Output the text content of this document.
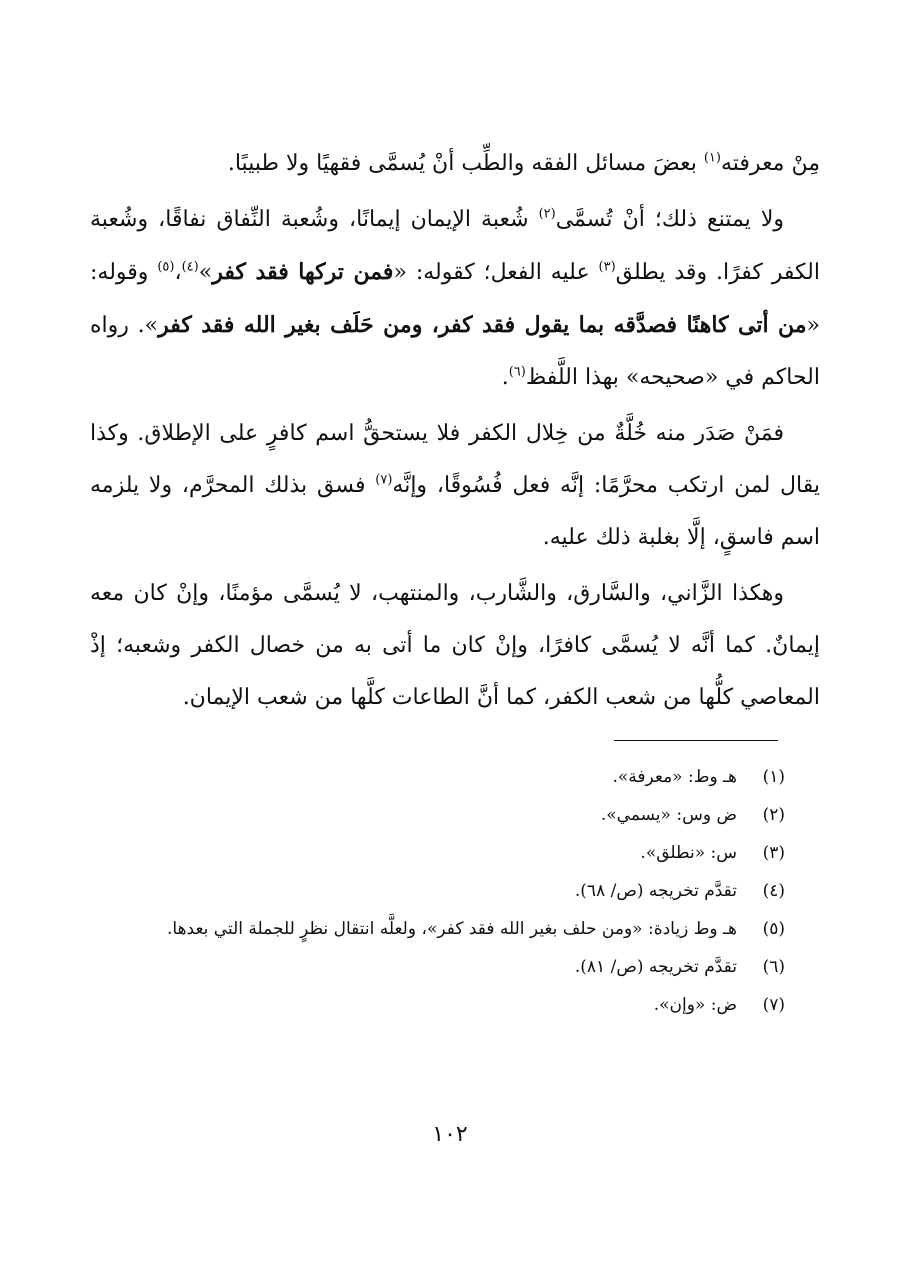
مِنْ معرفته$^{(١)}$ بعضَ مسائل الفقه والطِّب أنْ يُسمَّى فقهيًا ولا طبيبًا.

ولا يمتنع ذلك؛ أنْ تُسمَّى$^{(٢)}$ شُعبة الإيمان إيمانًا، وشُعبة النِّفاق نفاقًا، وشُعبة الكفر كفرًا. وقد يطلق$^{(٣)}$ عليه الفعل؛ كقوله: «فمن تركها فقد كفر»$^{(٤)}$،$^{(٥)}$ وقوله: «من أتى كاهنًا فصدَّقه بما يقول فقد كفر، ومن حَلَف بغير الله فقد كفر». رواه الحاكم في «صحيحه» بهذا اللَّفظ$^{(٦)}$.

فمَنْ صَدَر منه خُلَّةٌ من خِلال الكفر فلا يستحقُّ اسم كافرٍ على الإطلاق. وكذا يقال لمن ارتكب محرَّمًا: إنَّه فعل فُسُوقًا، وإنَّه$^{(٧)}$ فسق بذلك المحرَّم، ولا يلزمه اسم فاسقٍ، إلَّا بغلبة ذلك عليه.

وهكذا الزَّاني، والسَّارق، والشَّارب، والمنتهب، لا يُسمَّى مؤمنًا، وإنْ كان معه إيمانٌ. كما أنَّه لا يُسمَّى كافرًا، وإنْ كان ما أتى به من خصال الكفر وشعبه؛ إذْ المعاصي كلُّها من شعب الكفر، كما أنَّ الطاعات كلَّها من شعب الإيمان.

(١)
هـ وط: «معرفة».
(٢)
ض وس: «يسمي».
(٣)
س: «نطلق».
(٤)
تقدَّم تخريجه (ص/ ٦٨).
(٥)
هـ وط زيادة: «ومن حلف بغير الله فقد كفر»، ولعلَّه انتقال نظرٍ للجملة التي بعدها.
(٦)
تقدَّم تخريجه (ص/ ٨١).
(٧)
ض: «وإن».
١٠٢
